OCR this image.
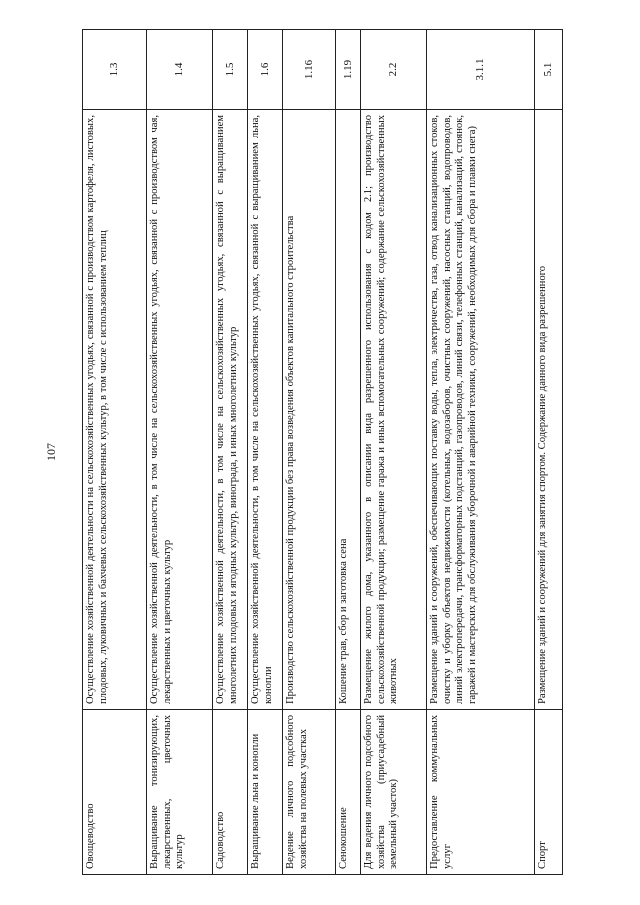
107
Овощеводство	Осуществление хозяйственной деятельности на сельскохозяйственных угодьях, связанной с производством картофеля, листовых, плодовых, луковичных и бахчевых сельскохозяйственных культур, в том числе с использованием теплиц	1.3
Выращивание тонизирующих, лекарственных, цветочных культур	Осуществление хозяйственной деятельности, в том числе на сельскохозяйственных угодьях, связанной с производством чая, лекарственных и цветочных культур	1.4
Садоводство	Осуществление хозяйственной деятельности, в том числе на сельскохозяйственных угодьях, связанной с выращиванием многолетних плодовых и ягодных культур, винограда, и иных многолетних культур	1.5
Выращивание льна и конопли	Осуществление хозяйственной деятельности, в том числе на сельскохозяйственных угодьях, связанной с выращиванием льна, конопли	1.6
Ведение личного подсобного хозяйства на полевых участках	Производство сельскохозяйственной продукции без права возведения объектов капитального строительства	1.16
Сенокошение	Кошение трав, сбор и заготовка сена	1.19
Для ведения личного подсобного хозяйства (приусадебный земельный участок)	Размещение жилого дома, указанного в описании вида разрешенного использования с кодом 2.1; производство сельскохозяйственной продукции; размещение гаража и иных вспомогательных сооружений; содержание сельскохозяйственных животных	2.2
Предоставление коммунальных услуг	Размещение зданий и сооружений, обеспечивающих поставку воды, тепла, электричества, газа, отвод канализационных стоков, очистку и уборку объектов недвижимости (котельных, водозаборов, очистных сооружений, насосных станций, водопроводов, линий электропередачи, трансформаторных подстанций, газопроводов, линий связи, телефонных станций, канализаций, стоянок, гаражей и мастерских для обслуживания уборочной и аварийной техники, сооружений, необходимых для сбора и плавки снега)	3.1.1
Спорт	Размещение зданий и сооружений для занятия спортом. Содержание данного вида разрешенного	5.1
